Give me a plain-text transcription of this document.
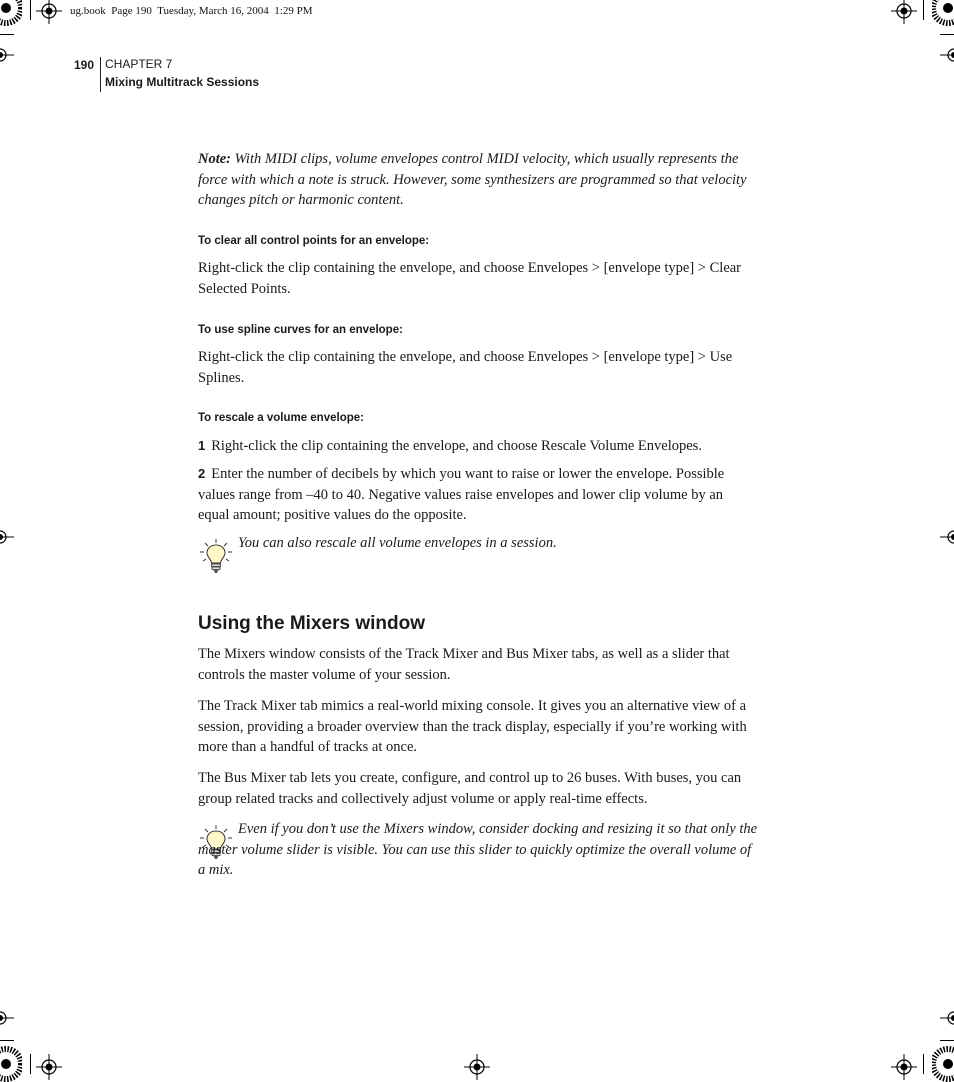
ug.book  Page 190  Tuesday, March 16, 2004  1:29 PM
190 CHAPTER 7
Mixing Multitrack Sessions
Note: With MIDI clips, volume envelopes control MIDI velocity, which usually represents the force with which a note is struck. However, some synthesizers are programmed so that velocity changes pitch or harmonic content.
To clear all control points for an envelope:
Right-click the clip containing the envelope, and choose Envelopes > [envelope type] > Clear Selected Points.
To use spline curves for an envelope:
Right-click the clip containing the envelope, and choose Envelopes > [envelope type] > Use Splines.
To rescale a volume envelope:
1 Right-click the clip containing the envelope, and choose Rescale Volume Envelopes.
2 Enter the number of decibels by which you want to raise or lower the envelope. Possible values range from –40 to 40. Negative values raise envelopes and lower clip volume by an equal amount; positive values do the opposite.
You can also rescale all volume envelopes in a session.
Using the Mixers window
The Mixers window consists of the Track Mixer and Bus Mixer tabs, as well as a slider that controls the master volume of your session.
The Track Mixer tab mimics a real-world mixing console. It gives you an alternative view of a session, providing a broader overview than the track display, especially if you’re working with more than a handful of tracks at once.
The Bus Mixer tab lets you create, configure, and control up to 26 buses. With buses, you can group related tracks and collectively adjust volume or apply real-time effects.
Even if you don’t use the Mixers window, consider docking and resizing it so that only the master volume slider is visible. You can use this slider to quickly optimize the overall volume of a mix.
